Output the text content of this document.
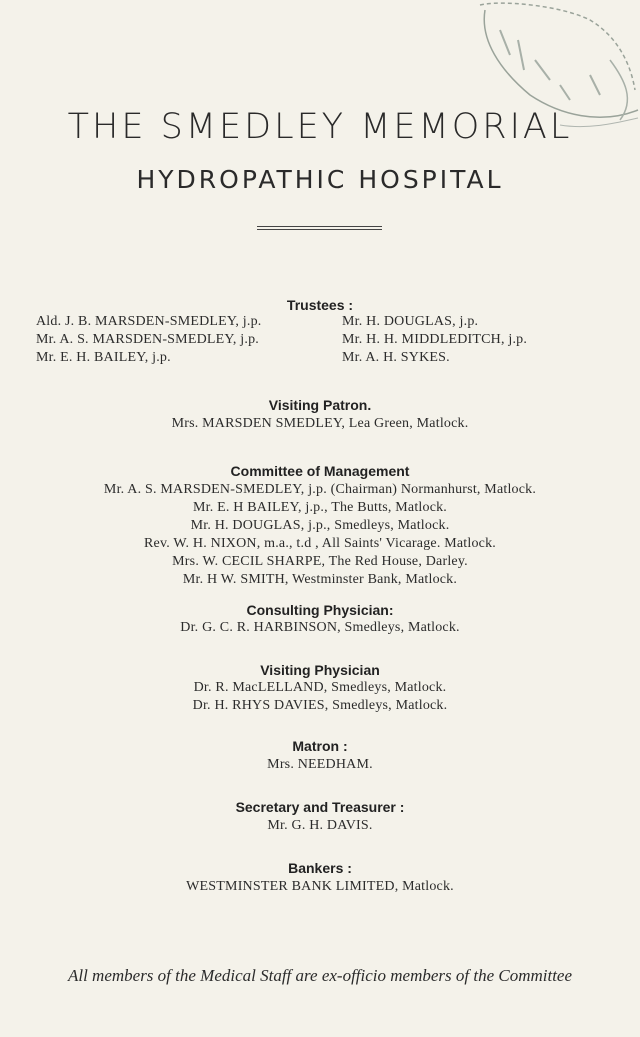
THE SMEDLEY MEMORIAL
HYDROPATHIC HOSPITAL
Trustees :
Ald. J. B. MARSDEN-SMEDLEY, j.p.
Mr. A. S. MARSDEN-SMEDLEY, j.p.
Mr. E. H. BAILEY, j.p.
Mr. H. DOUGLAS, j.p.
Mr. H. H. MIDDLEDITCH, j.p.
Mr. A. H. SYKES.
Visiting Patron.
Mrs. MARSDEN SMEDLEY, Lea Green, Matlock.
Committee of Management
Mr. A. S. MARSDEN-SMEDLEY, j.p. (Chairman) Normanhurst, Matlock.
Mr. E. H BAILEY, j.p., The Butts, Matlock.
Mr. H. DOUGLAS, j.p., Smedleys, Matlock.
Rev. W. H. NIXON, m.a., t.d , All Saints' Vicarage. Matlock.
Mrs. W. CECIL SHARPE, The Red House, Darley.
Mr. H W. SMITH, Westminster Bank, Matlock.
Consulting Physician:
Dr. G. C. R. HARBINSON, Smedleys, Matlock.
Visiting Physician
Dr. R. MacLELLAND, Smedleys, Matlock.
Dr. H. RHYS DAVIES, Smedleys, Matlock.
Matron :
Mrs. NEEDHAM.
Secretary and Treasurer :
Mr. G. H. DAVIS.
Bankers :
WESTMINSTER BANK LIMITED, Matlock.
All members of the Medical Staff are ex-officio members of the Committee
